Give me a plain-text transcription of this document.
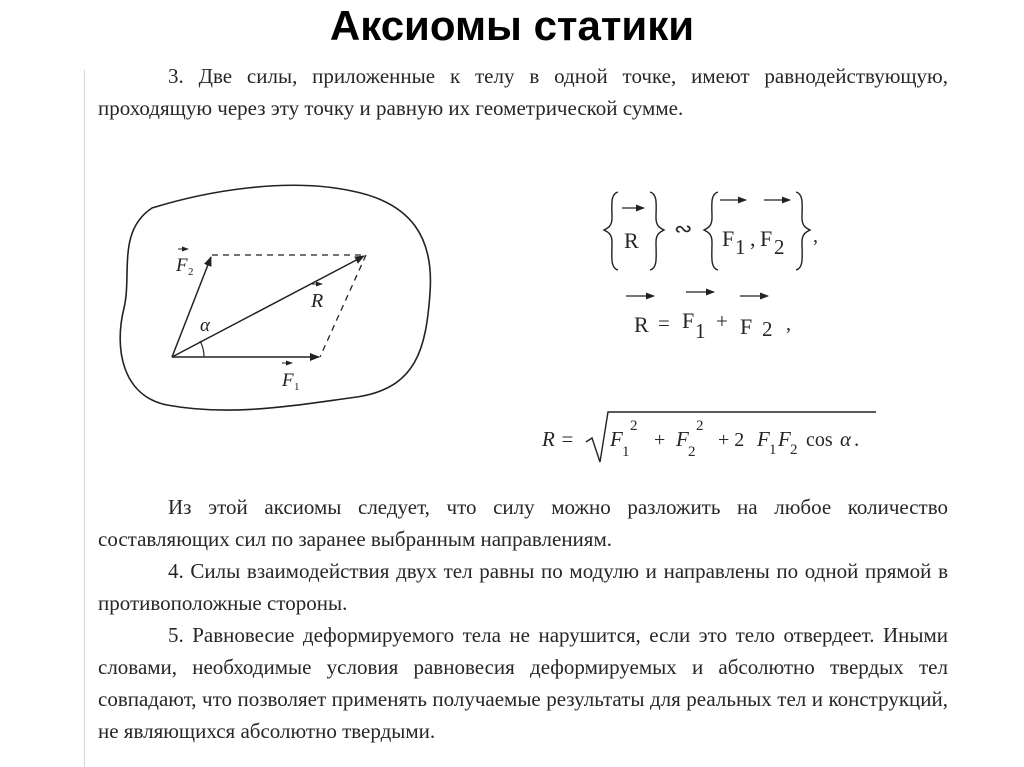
Аксиомы статики

3. Две силы, приложенные к телу в одной точке, имеют равнодействующую, проходящую через эту точку и равную их геометрической сумме.

F 2
R
α
F 1
R ∾ F 1 , F 2 ,
R = F 1 + F 2 ,
R = F
1
2
+ F
2
2
+ 2 F 1 F 2 cos α .

Из этой аксиомы следует, что силу можно разложить на любое количество составляющих сил по заранее выбранным направлениям.

4. Силы взаимодействия двух тел равны по модулю и направлены по одной прямой в противоположные стороны.

5. Равновесие деформируемого тела не нарушится, если это тело отвердеет. Иными словами, необходимые условия равновесия деформируемых и абсолютно твердых тел совпадают, что позволяет применять получаемые результаты для реальных тел и конструкций, не являющихся абсолютно твердыми.
